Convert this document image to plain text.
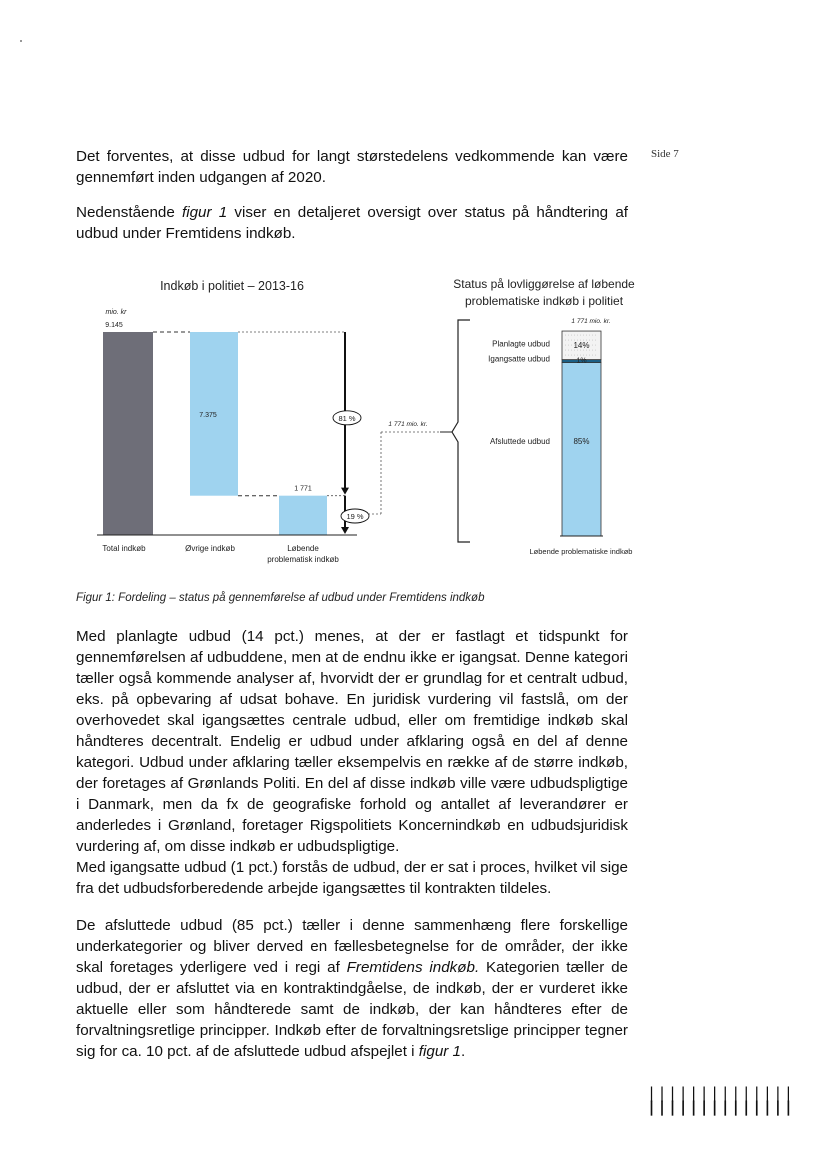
Det forventes, at disse udbud for langt størstedelens vedkommende kan være gennemført inden udgangen af 2020.

Side 7

Nedenstående figur 1 viser en detaljeret oversigt over status på håndtering af udbud under Fremtidens indkøb.

Indkøb i politiet – 2013-16
mio. kr
9.145
7.375
1 771
81 %
19 %
Total indkøb	Øvrige indkøb	Løbende
problematisk indkøb
1 771 mio. kr.
Status på lovliggørelse af løbende
problematiske indkøb i politiet
1 771 mio. kr.
Afsluttede udbud
Igangsatte udbud
Planlagte udbud
85%
1%
14%
Løbende problematiske indkøb
Figur 1: Fordeling – status på gennemførelse af udbud under Fremtidens indkøb

Med planlagte udbud (14 pct.) menes, at der er fastlagt et tidspunkt for gennemførelsen af udbuddene, men at de endnu ikke er igangsat. Denne kategori tæller også kommende analyser af, hvorvidt der er grundlag for et centralt udbud, eks. på opbevaring af udsat bohave. En juridisk vurdering vil fastslå, om der overhovedet skal igangsættes centrale udbud, eller om fremtidige indkøb skal håndteres decentralt. Endelig er udbud under afklaring også en del af denne kategori. Udbud under afklaring tæller eksempelvis en række af de større indkøb, der foretages af Grønlands Politi. En del af disse indkøb ville være udbudspligtige i Danmark, men da fx de geografiske forhold og antallet af leverandører er anderledes i Grønland, foretager Rigspolitiets Koncernindkøb en udbudsjuridisk vurdering af, om disse indkøb er udbudspligtige.

Med igangsatte udbud (1 pct.) forstås de udbud, der er sat i proces, hvilket vil sige fra det udbudsforberedende arbejde igangsættes til kontrakten tildeles.

De afsluttede udbud (85 pct.) tæller i denne sammenhæng flere forskellige underkategorier og bliver derved en fællesbetegnelse for de områder, der ikke skal foretages yderligere ved i regi af Fremtidens indkøb. Kategorien tæller de udbud, der er afsluttet via en kontraktindgåelse, de indkøb, der er vurderet ikke aktuelle eller som håndterede samt de indkøb, der kan håndteres efter de forvaltningsretlige principper. Indkøb efter de forvaltningsretslige principper tegner sig for ca. 10 pct. af de afsluttede udbud afspejlet i figur 1.

||||||||||||||
||||||||||||||
